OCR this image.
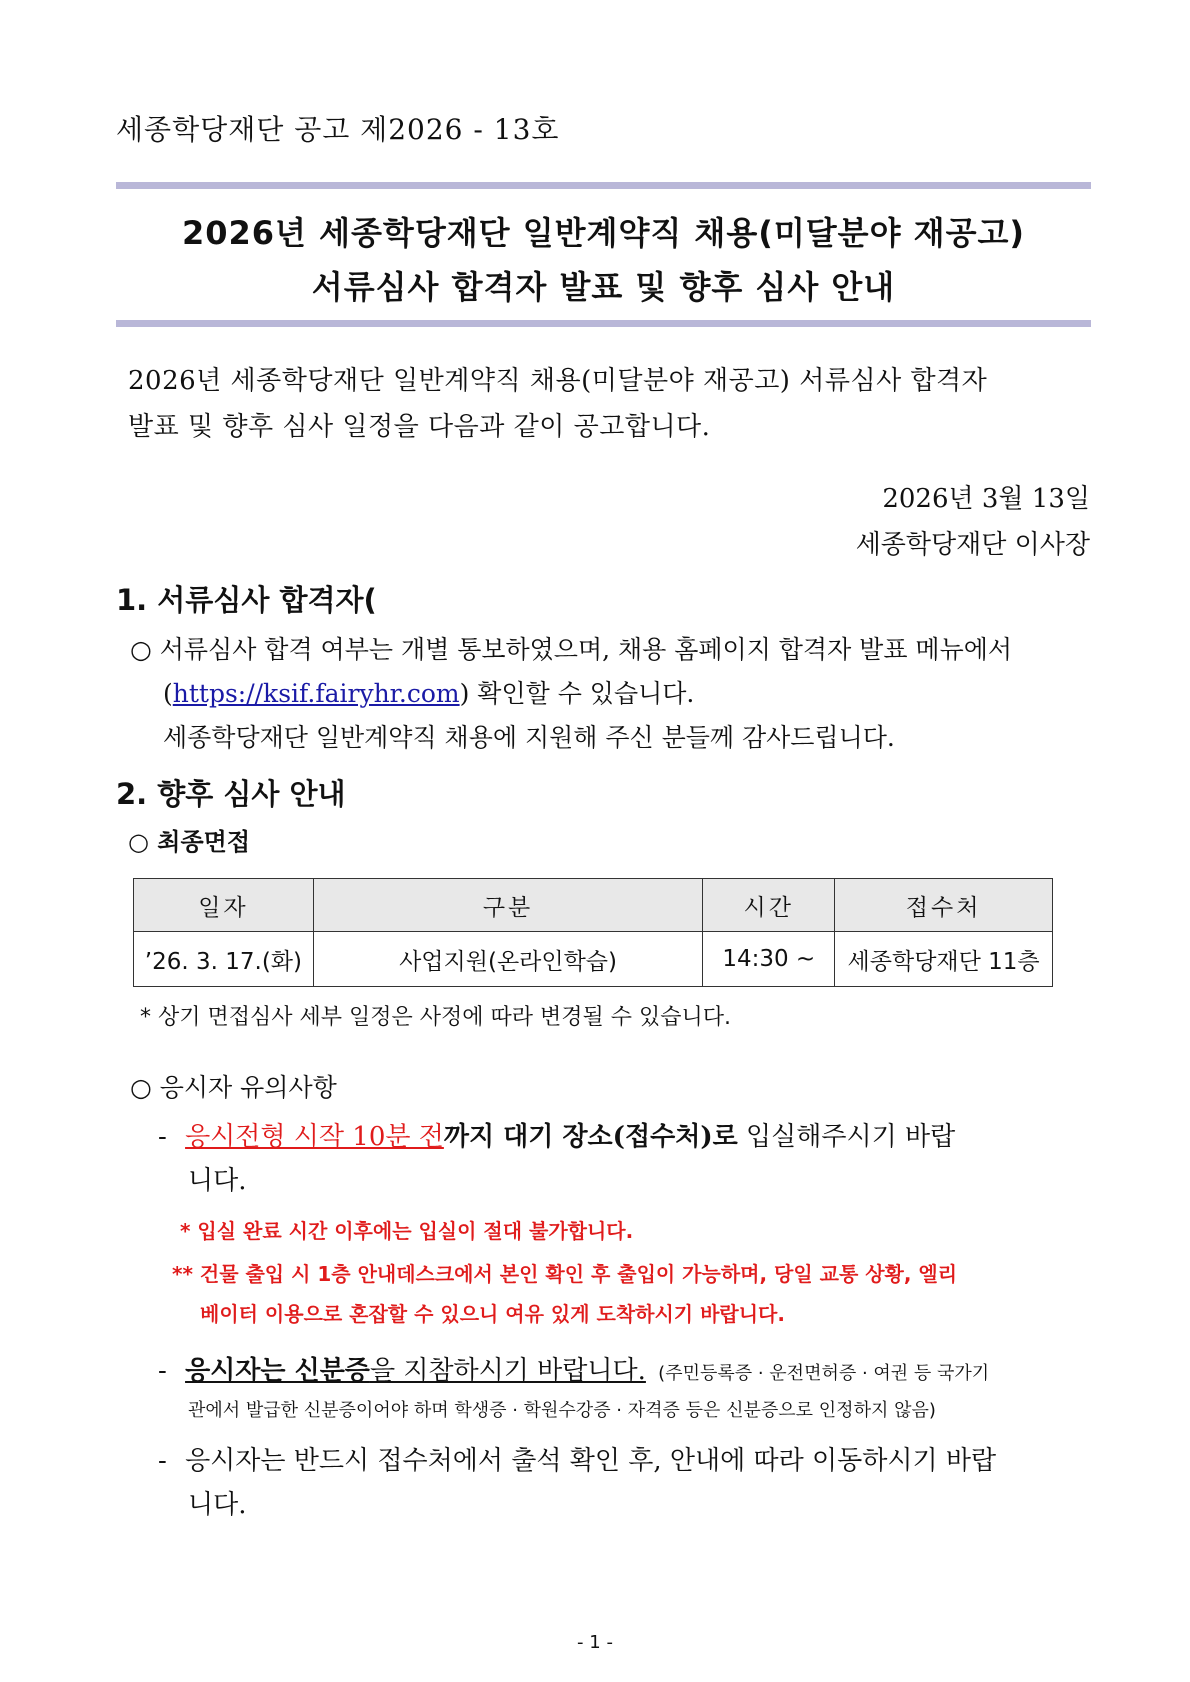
세종학당재단 공고 제2026 - 13호
2026년 세종학당재단 일반계약직 채용(미달분야 재공고)
서류심사 합격자 발표 및 향후 심사 안내
2026년 세종학당재단 일반계약직 채용(미달분야 재공고) 서류심사 합격자
발표 및 향후 심사 일정을 다음과 같이 공고합니다.
2026년 3월 13일
세종학당재단 이사장
1. 서류심사 합격자(
○ 서류심사 합격 여부는 개별 통보하였으며, 채용 홈페이지 합격자 발표 메뉴에서
(https://ksif.fairyhr.com) 확인할 수 있습니다.
세종학당재단 일반계약직 채용에 지원해 주신 분들께 감사드립니다.
2. 향후 심사 안내
○ 최종면접
일자	구분	시간	접수처
’26. 3. 17.(화)	사업지원(온라인학습)	14:30 ~	세종학당재단 11층
* 상기 면접심사 세부 일정은 사정에 따라 변경될 수 있습니다.
○ 응시자 유의사항
- 응시전형 시작 10분 전까지 대기 장소(접수처)로 입실해주시기 바랍
니다.
* 입실 완료 시간 이후에는 입실이 절대 불가합니다.
** 건물 출입 시 1층 안내데스크에서 본인 확인 후 출입이 가능하며, 당일 교통 상황, 엘리
베이터 이용으로 혼잡할 수 있으니 여유 있게 도착하시기 바랍니다.
- 응시자는 신분증을 지참하시기 바랍니다. (주민등록증 · 운전면허증 · 여권 등 국가기
관에서 발급한 신분증이어야 하며 학생증 · 학원수강증 · 자격증 등은 신분증으로 인정하지 않음)
- 응시자는 반드시 접수처에서 출석 확인 후, 안내에 따라 이동하시기 바랍
니다.
- 1 -
